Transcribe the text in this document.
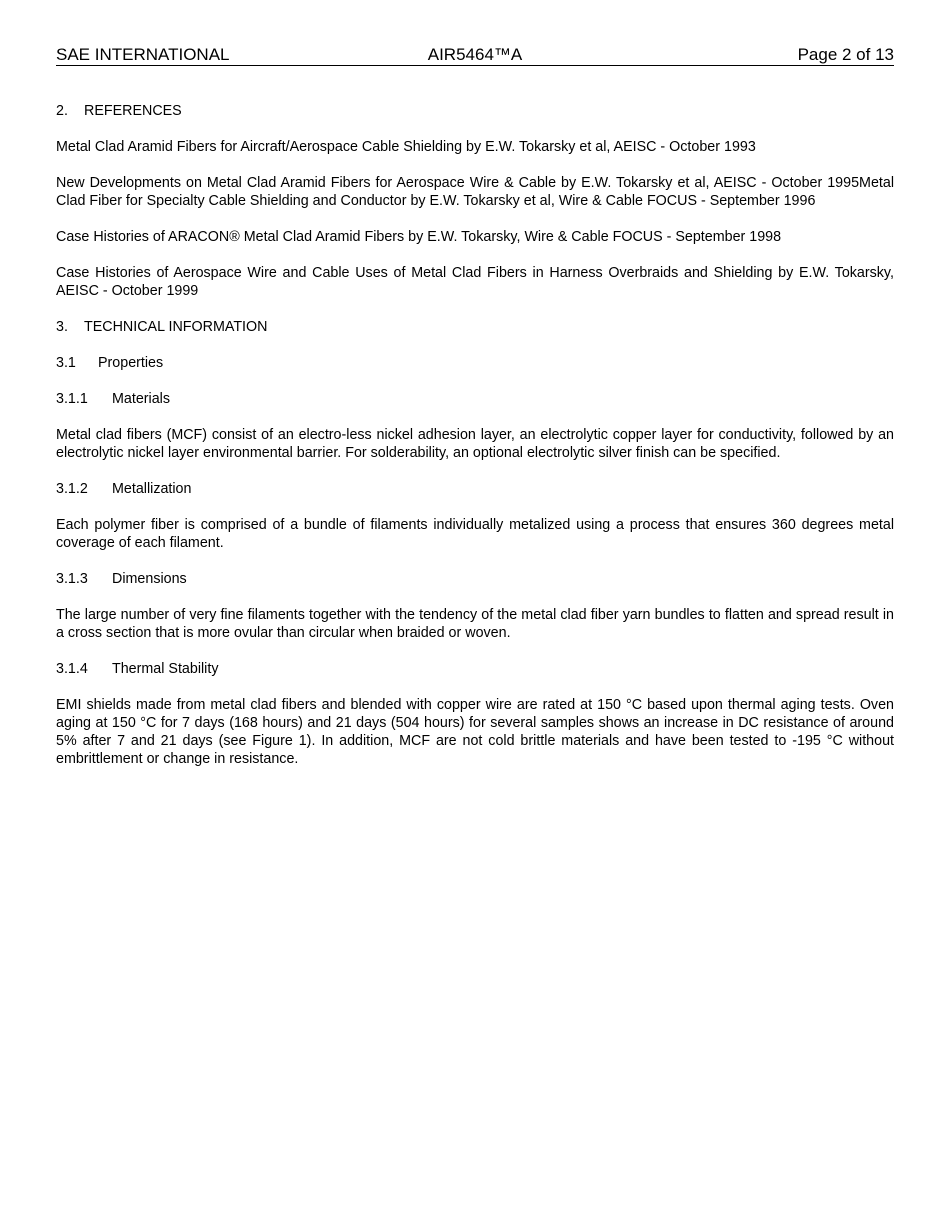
AIR5464™A
SAE INTERNATIONAL	Page 2 of 13
2. REFERENCES

Metal Clad Aramid Fibers for Aircraft/Aerospace Cable Shielding by E.W. Tokarsky et al, AEISC - October 1993

New Developments on Metal Clad Aramid Fibers for Aerospace Wire & Cable by E.W. Tokarsky et al, AEISC - October 1995Metal Clad Fiber for Specialty Cable Shielding and Conductor by E.W. Tokarsky et al, Wire & Cable FOCUS - September 1996

Case Histories of ARACON® Metal Clad Aramid Fibers by E.W. Tokarsky, Wire & Cable FOCUS - September 1998

Case Histories of Aerospace Wire and Cable Uses of Metal Clad Fibers in Harness Overbraids and Shielding by E.W. Tokarsky, AEISC - October 1999

3. TECHNICAL INFORMATION
3.1 Properties
3.1.1 Materials

Metal clad fibers (MCF) consist of an electro-less nickel adhesion layer, an electrolytic copper layer for conductivity, followed by an electrolytic nickel layer environmental barrier. For solderability, an optional electrolytic silver finish can be specified.

3.1.2 Metallization

Each polymer fiber is comprised of a bundle of filaments individually metalized using a process that ensures 360 degrees metal coverage of each filament.

3.1.3 Dimensions

The large number of very fine filaments together with the tendency of the metal clad fiber yarn bundles to flatten and spread result in a cross section that is more ovular than circular when braided or woven.

3.1.4 Thermal Stability

EMI shields made from metal clad fibers and blended with copper wire are rated at 150 °C based upon thermal aging tests. Oven aging at 150 °C for 7 days (168 hours) and 21 days (504 hours) for several samples shows an increase in DC resistance of around 5% after 7 and 21 days (see Figure 1). In addition, MCF are not cold brittle materials and have been tested to -195 °C without embrittlement or change in resistance.
